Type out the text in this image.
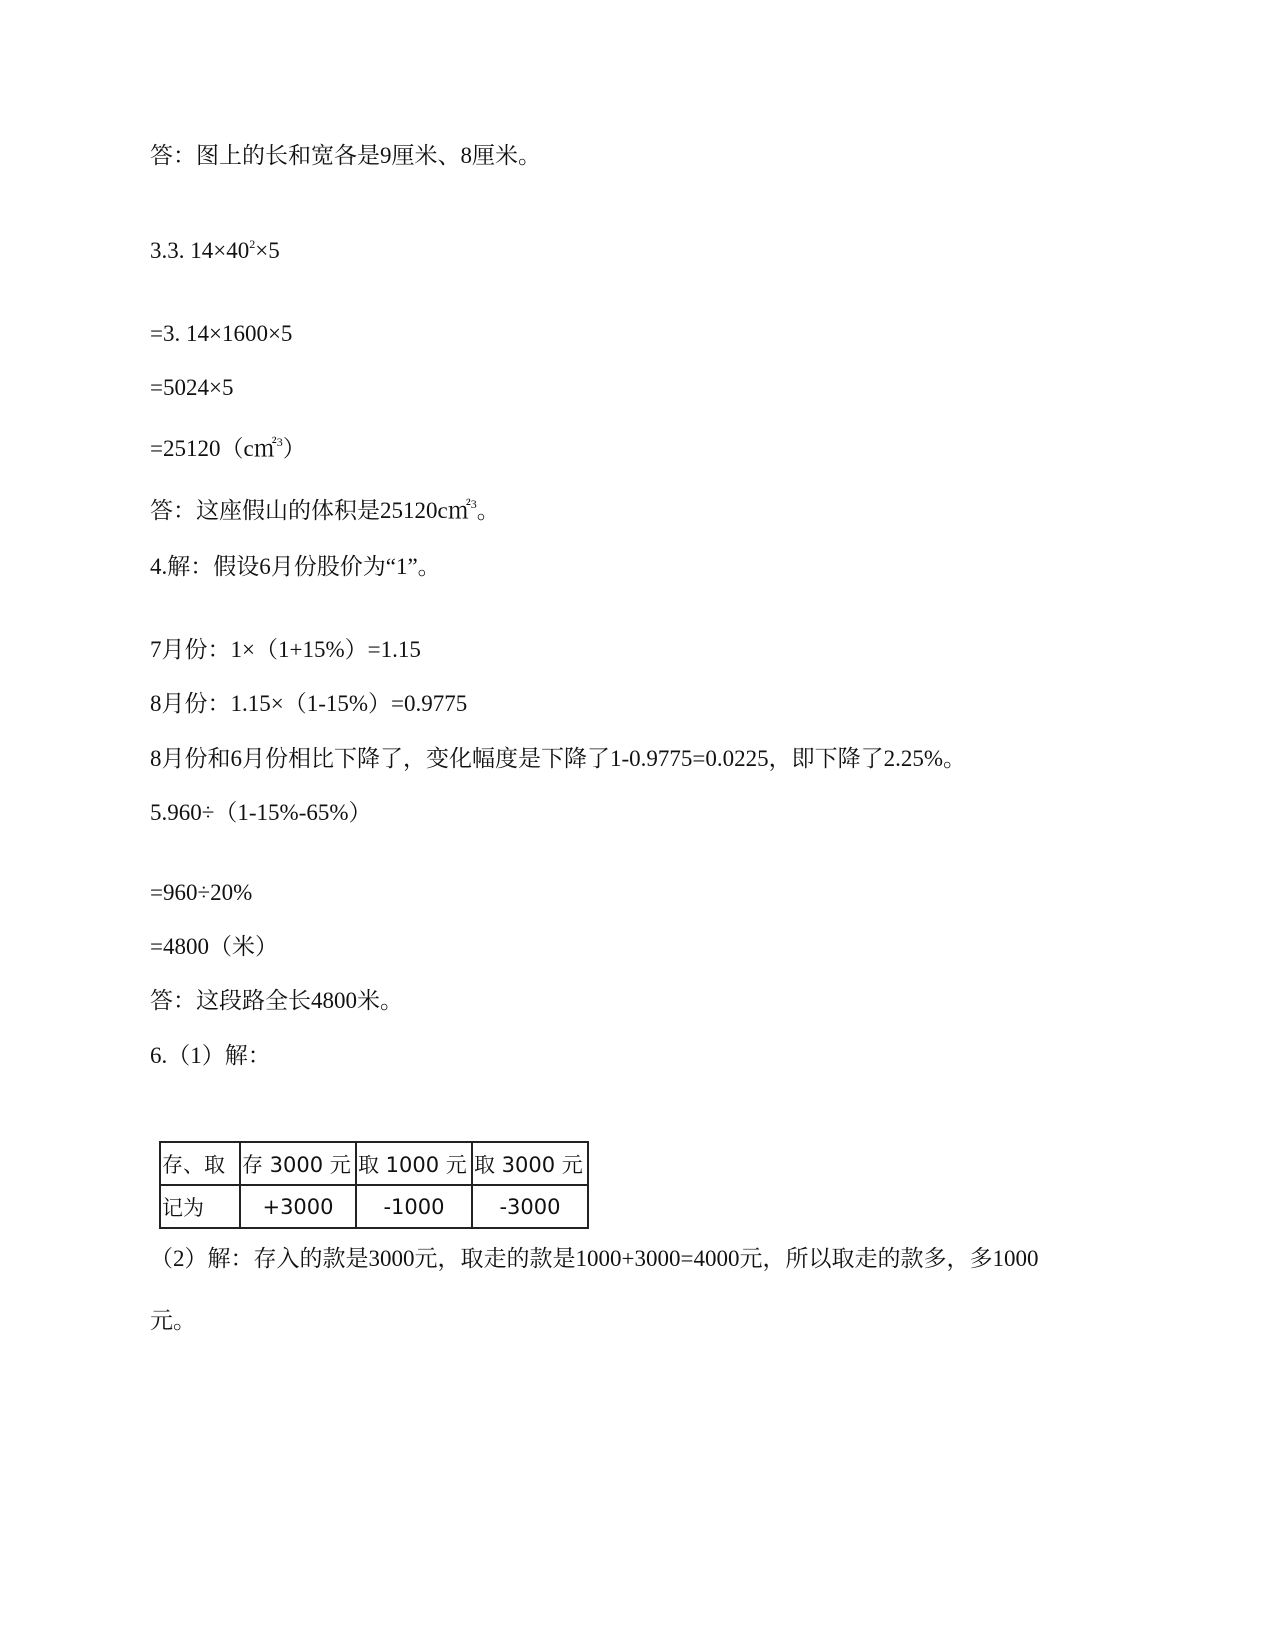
答：图上的长和宽各是9厘米、8厘米。
3.3. $14\times 40^2\times 5$
=3. 14×1600×5
=5024×5
=25120（c㎡$^3$）
答：这座假山的体积是25120c㎡$^3$。
4.解：假设6月份股价为“1”。
7月份：1×（1+15%）=1.15
8月份：1.15×（1-15%）=0.9775
8月份和6月份相比下降了，变化幅度是下降了1-0.9775=0.0225，即下降了2.25%。
5.960÷（1-15%-65%）
=960÷20%
=4800（米）
答：这段路全长4800米。
6.（1）解：
存、取	存 3000 元	取 1000 元	取 3000 元
记为	+3000	-1000	-3000
（2）解：存入的款是3000元，取走的款是1000+3000=4000元，所以取走的款多，多1000
元。
